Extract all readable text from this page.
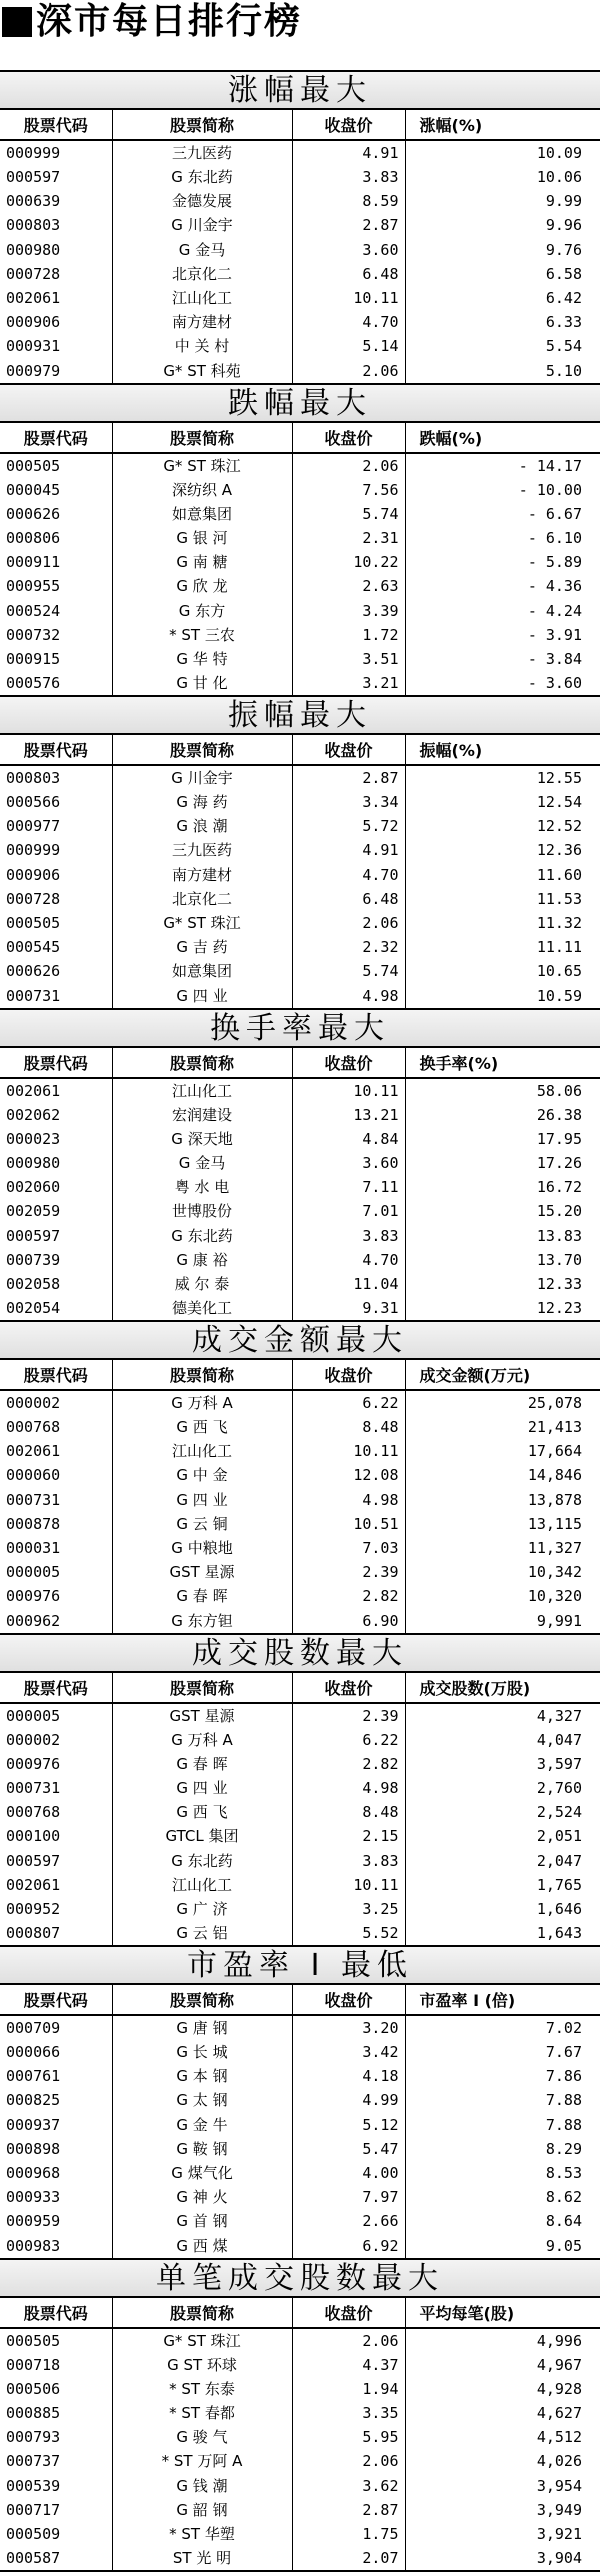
深市每日排行榜
涨幅最大
股票代码	股票简称	收盘价	涨幅(%)
000999	三九医药	4.91	10.09
000597	G 东北药	3.83	10.06
000639	金德发展	8.59	9.99
000803	G 川金宇	2.87	9.96
000980	G 金马	3.60	9.76
000728	北京化二	6.48	6.58
002061	江山化工	10.11	6.42
000906	南方建材	4.70	6.33
000931	中 关 村	5.14	5.54
000979	G* ST 科苑	2.06	5.10
跌幅最大
股票代码	股票简称	收盘价	跌幅(%)
000505	G* ST 珠江	2.06	- 14.17
000045	深纺织 A	7.56	- 10.00
000626	如意集团	5.74	- 6.67
000806	G 银 河	2.31	- 6.10
000911	G 南 糖	10.22	- 5.89
000955	G 欣 龙	2.63	- 4.36
000524	G 东方	3.39	- 4.24
000732	* ST 三农	1.72	- 3.91
000915	G 华 特	3.51	- 3.84
000576	G 甘 化	3.21	- 3.60
振幅最大
股票代码	股票简称	收盘价	振幅(%)
000803	G 川金宇	2.87	12.55
000566	G 海 药	3.34	12.54
000977	G 浪 潮	5.72	12.52
000999	三九医药	4.91	12.36
000906	南方建材	4.70	11.60
000728	北京化二	6.48	11.53
000505	G* ST 珠江	2.06	11.32
000545	G 吉 药	2.32	11.11
000626	如意集团	5.74	10.65
000731	G 四 业	4.98	10.59
换手率最大
股票代码	股票简称	收盘价	换手率(%)
002061	江山化工	10.11	58.06
002062	宏润建设	13.21	26.38
000023	G 深天地	4.84	17.95
000980	G 金马	3.60	17.26
002060	粤 水 电	7.11	16.72
002059	世博股份	7.01	15.20
000597	G 东北药	3.83	13.83
000739	G 康 裕	4.70	13.70
002058	威 尔 泰	11.04	12.33
002054	德美化工	9.31	12.23
成交金额最大
股票代码	股票简称	收盘价	成交金额(万元)
000002	G 万科 A	6.22	25,078
000768	G 西 飞	8.48	21,413
002061	江山化工	10.11	17,664
000060	G 中 金	12.08	14,846
000731	G 四 业	4.98	13,878
000878	G 云 铜	10.51	13,115
000031	G 中粮地	7.03	11,327
000005	GST 星源	2.39	10,342
000976	G 春 晖	2.82	10,320
000962	G 东方钽	6.90	9,991
成交股数最大
股票代码	股票简称	收盘价	成交股数(万股)
000005	GST 星源	2.39	4,327
000002	G 万科 A	6.22	4,047
000976	G 春 晖	2.82	3,597
000731	G 四 业	4.98	2,760
000768	G 西 飞	8.48	2,524
000100	GTCL 集团	2.15	2,051
000597	G 东北药	3.83	2,047
002061	江山化工	10.11	1,765
000952	G 广 济	3.25	1,646
000807	G 云 铝	5.52	1,643
市盈率 I 最低
股票代码	股票简称	收盘价	市盈率 I (倍)
000709	G 唐 钢	3.20	7.02
000066	G 长 城	3.42	7.67
000761	G 本 钢	4.18	7.86
000825	G 太 钢	4.99	7.88
000937	G 金 牛	5.12	7.88
000898	G 鞍 钢	5.47	8.29
000968	G 煤气化	4.00	8.53
000933	G 神 火	7.97	8.62
000959	G 首 钢	2.66	8.64
000983	G 西 煤	6.92	9.05
单笔成交股数最大
股票代码	股票简称	收盘价	平均每笔(股)
000505	G* ST 珠江	2.06	4,996
000718	G ST 环球	4.37	4,967
000506	* ST 东泰	1.94	4,928
000885	* ST 春都	3.35	4,627
000793	G 骏 气	5.95	4,512
000737	* ST 万阿 A	2.06	4,026
000539	G 钱 潮	3.62	3,954
000717	G 韶 钢	2.87	3,949
000509	* ST 华塑	1.75	3,921
000587	ST 光 明	2.07	3,904
